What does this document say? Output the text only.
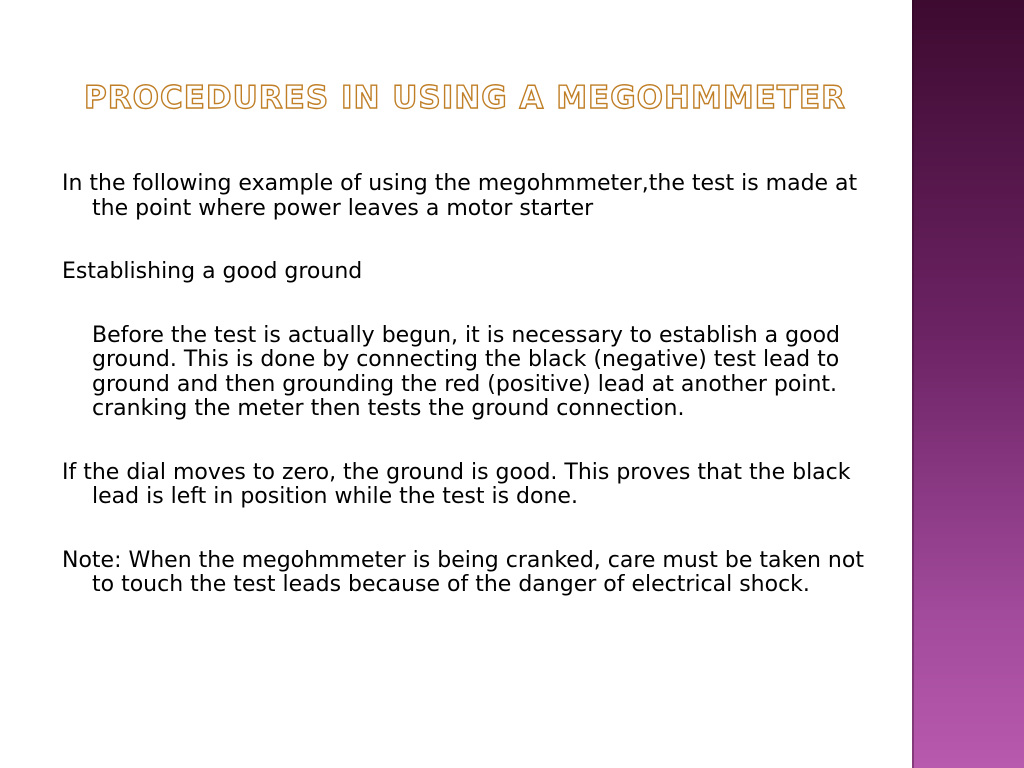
PROCEDURES IN USING A MEGOHMMETER

In the following example of using the megohmmeter,the test is made at the point where power leaves a motor starter

Establishing a good ground

Before the test is actually begun, it is necessary to establish a good ground. This is done by connecting the black (negative) test lead to ground and then grounding the red (positive) lead at another point. cranking the meter then tests the ground connection.

If the dial moves to zero, the ground is good. This proves that the black lead is left in position while the test is done.

Note: When the megohmmeter is being cranked, care must be taken not to touch the test leads because of the danger of electrical shock.
